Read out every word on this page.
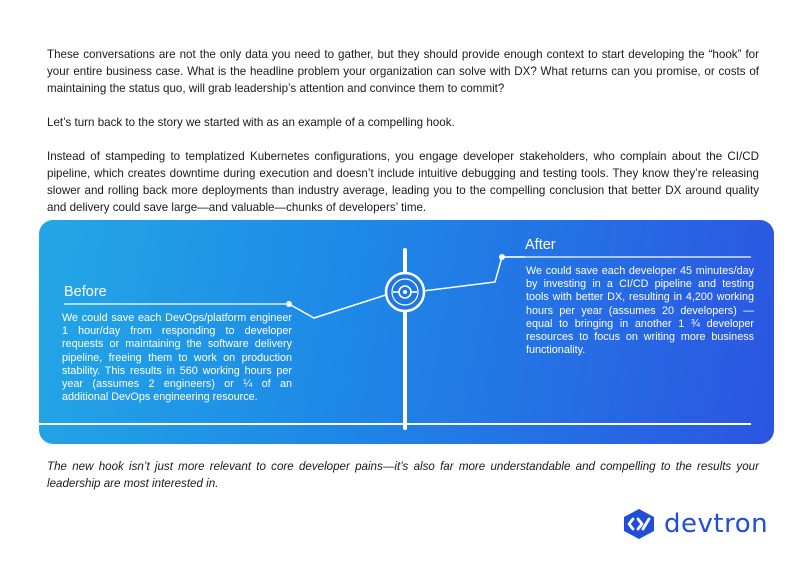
These conversations are not the only data you need to gather, but they should provide enough context to start developing the “hook” for your entire business case. What is the headline problem your organization can solve with DX? What returns can you promise, or costs of maintaining the status quo, will grab leadership’s attention and convince them to commit?

Let’s turn back to the story we started with as an example of a compelling hook.

Instead of stampeding to templatized Kubernetes configurations, you engage developer stakeholders, who complain about the CI/CD pipeline, which creates downtime during execution and doesn’t include intuitive debugging and testing tools. They know they’re releasing slower and rolling back more deployments than industry average, leading you to the compelling conclusion that better DX around quality and delivery could save large—and valuable—chunks of developers’ time.

Before

We could save each DevOps/platform engineer 1 hour/day from responding to developer requests or maintaining the software delivery pipeline, freeing them to work on production stability. This results in 560 working hours per year (assumes 2 engineers) or ¼ of an additional DevOps engineering resource.

After

We could save each developer 45 minutes/day by investing in a CI/CD pipeline and testing tools with better DX, resulting in 4,200 working hours per year (assumes 20 developers) — equal to bringing in another 1 ¾ developer resources to focus on writing more business functionality.

The new hook isn’t just more relevant to core developer pains—it’s also far more understandable and compelling to the results your leadership are most interested in.

devtron
